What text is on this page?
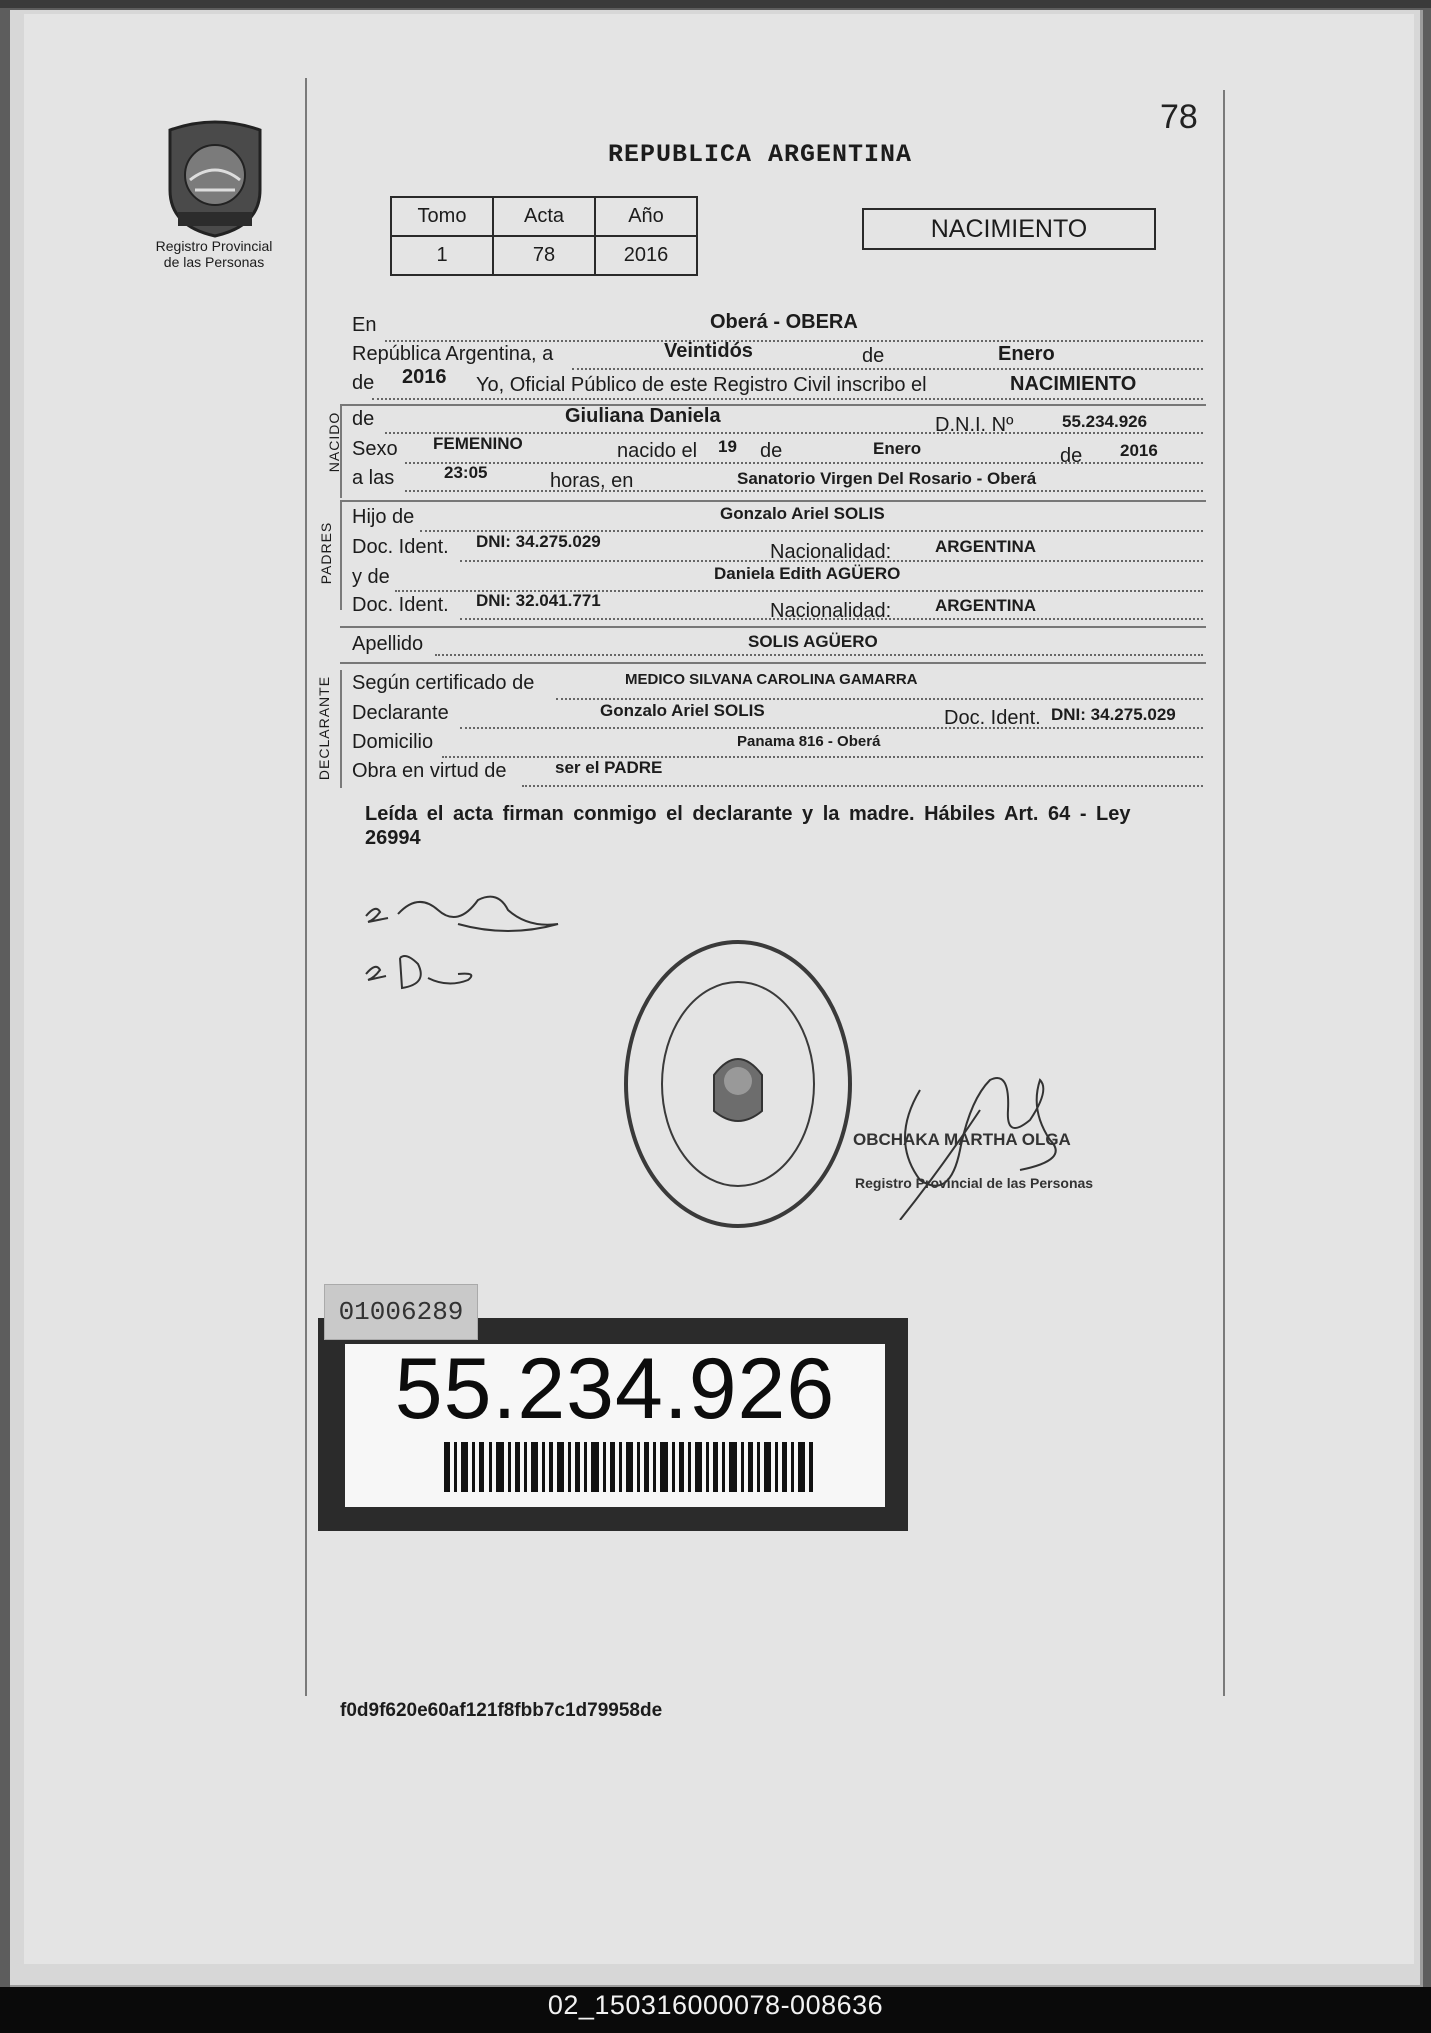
78
REPUBLICA ARGENTINA
Registro Provincial
de las Personas
Tomo	Acta	Año
1	78	2016
NACIMIENTO
En	Oberá - OBERA
República Argentina, a	Veintidós	de	Enero
de 2016 Yo, Oficial Público de este Registro Civil inscribo el	NACIMIENTO
NACIDO de	Giuliana Daniela	D.N.I. Nº	55.234.926
Sexo FEMENINO	nacido el 19 de	Enero	de 2016
a las	23:05	horas, en	Sanatorio Virgen Del Rosario - Oberá
PADRES
Hijo de	Gonzalo Ariel SOLIS
Doc. Ident. DNI: 34.275.029	Nacionalidad:	ARGENTINA
y de	Daniela Edith AGÜERO
Doc. Ident. DNI: 32.041.771	Nacionalidad:	ARGENTINA
Apellido	SOLIS AGÜERO
DECLARANTE Según certificado de	MEDICO SILVANA CAROLINA GAMARRA
Declarante	Gonzalo Ariel SOLIS	Doc. Ident. DNI: 34.275.029
Domicilio	Panama 816 - Oberá
Obra en virtud de	ser el PADRE
Leída el acta firman conmigo el declarante y la madre. Hábiles Art. 64 - Ley 26994
OBCHAKA MARTHA OLGA
Registro Provincial de las Personas
01006289
55.234.926
f0d9f620e60af121f8fbb7c1d79958de
02_150316000078-008636
